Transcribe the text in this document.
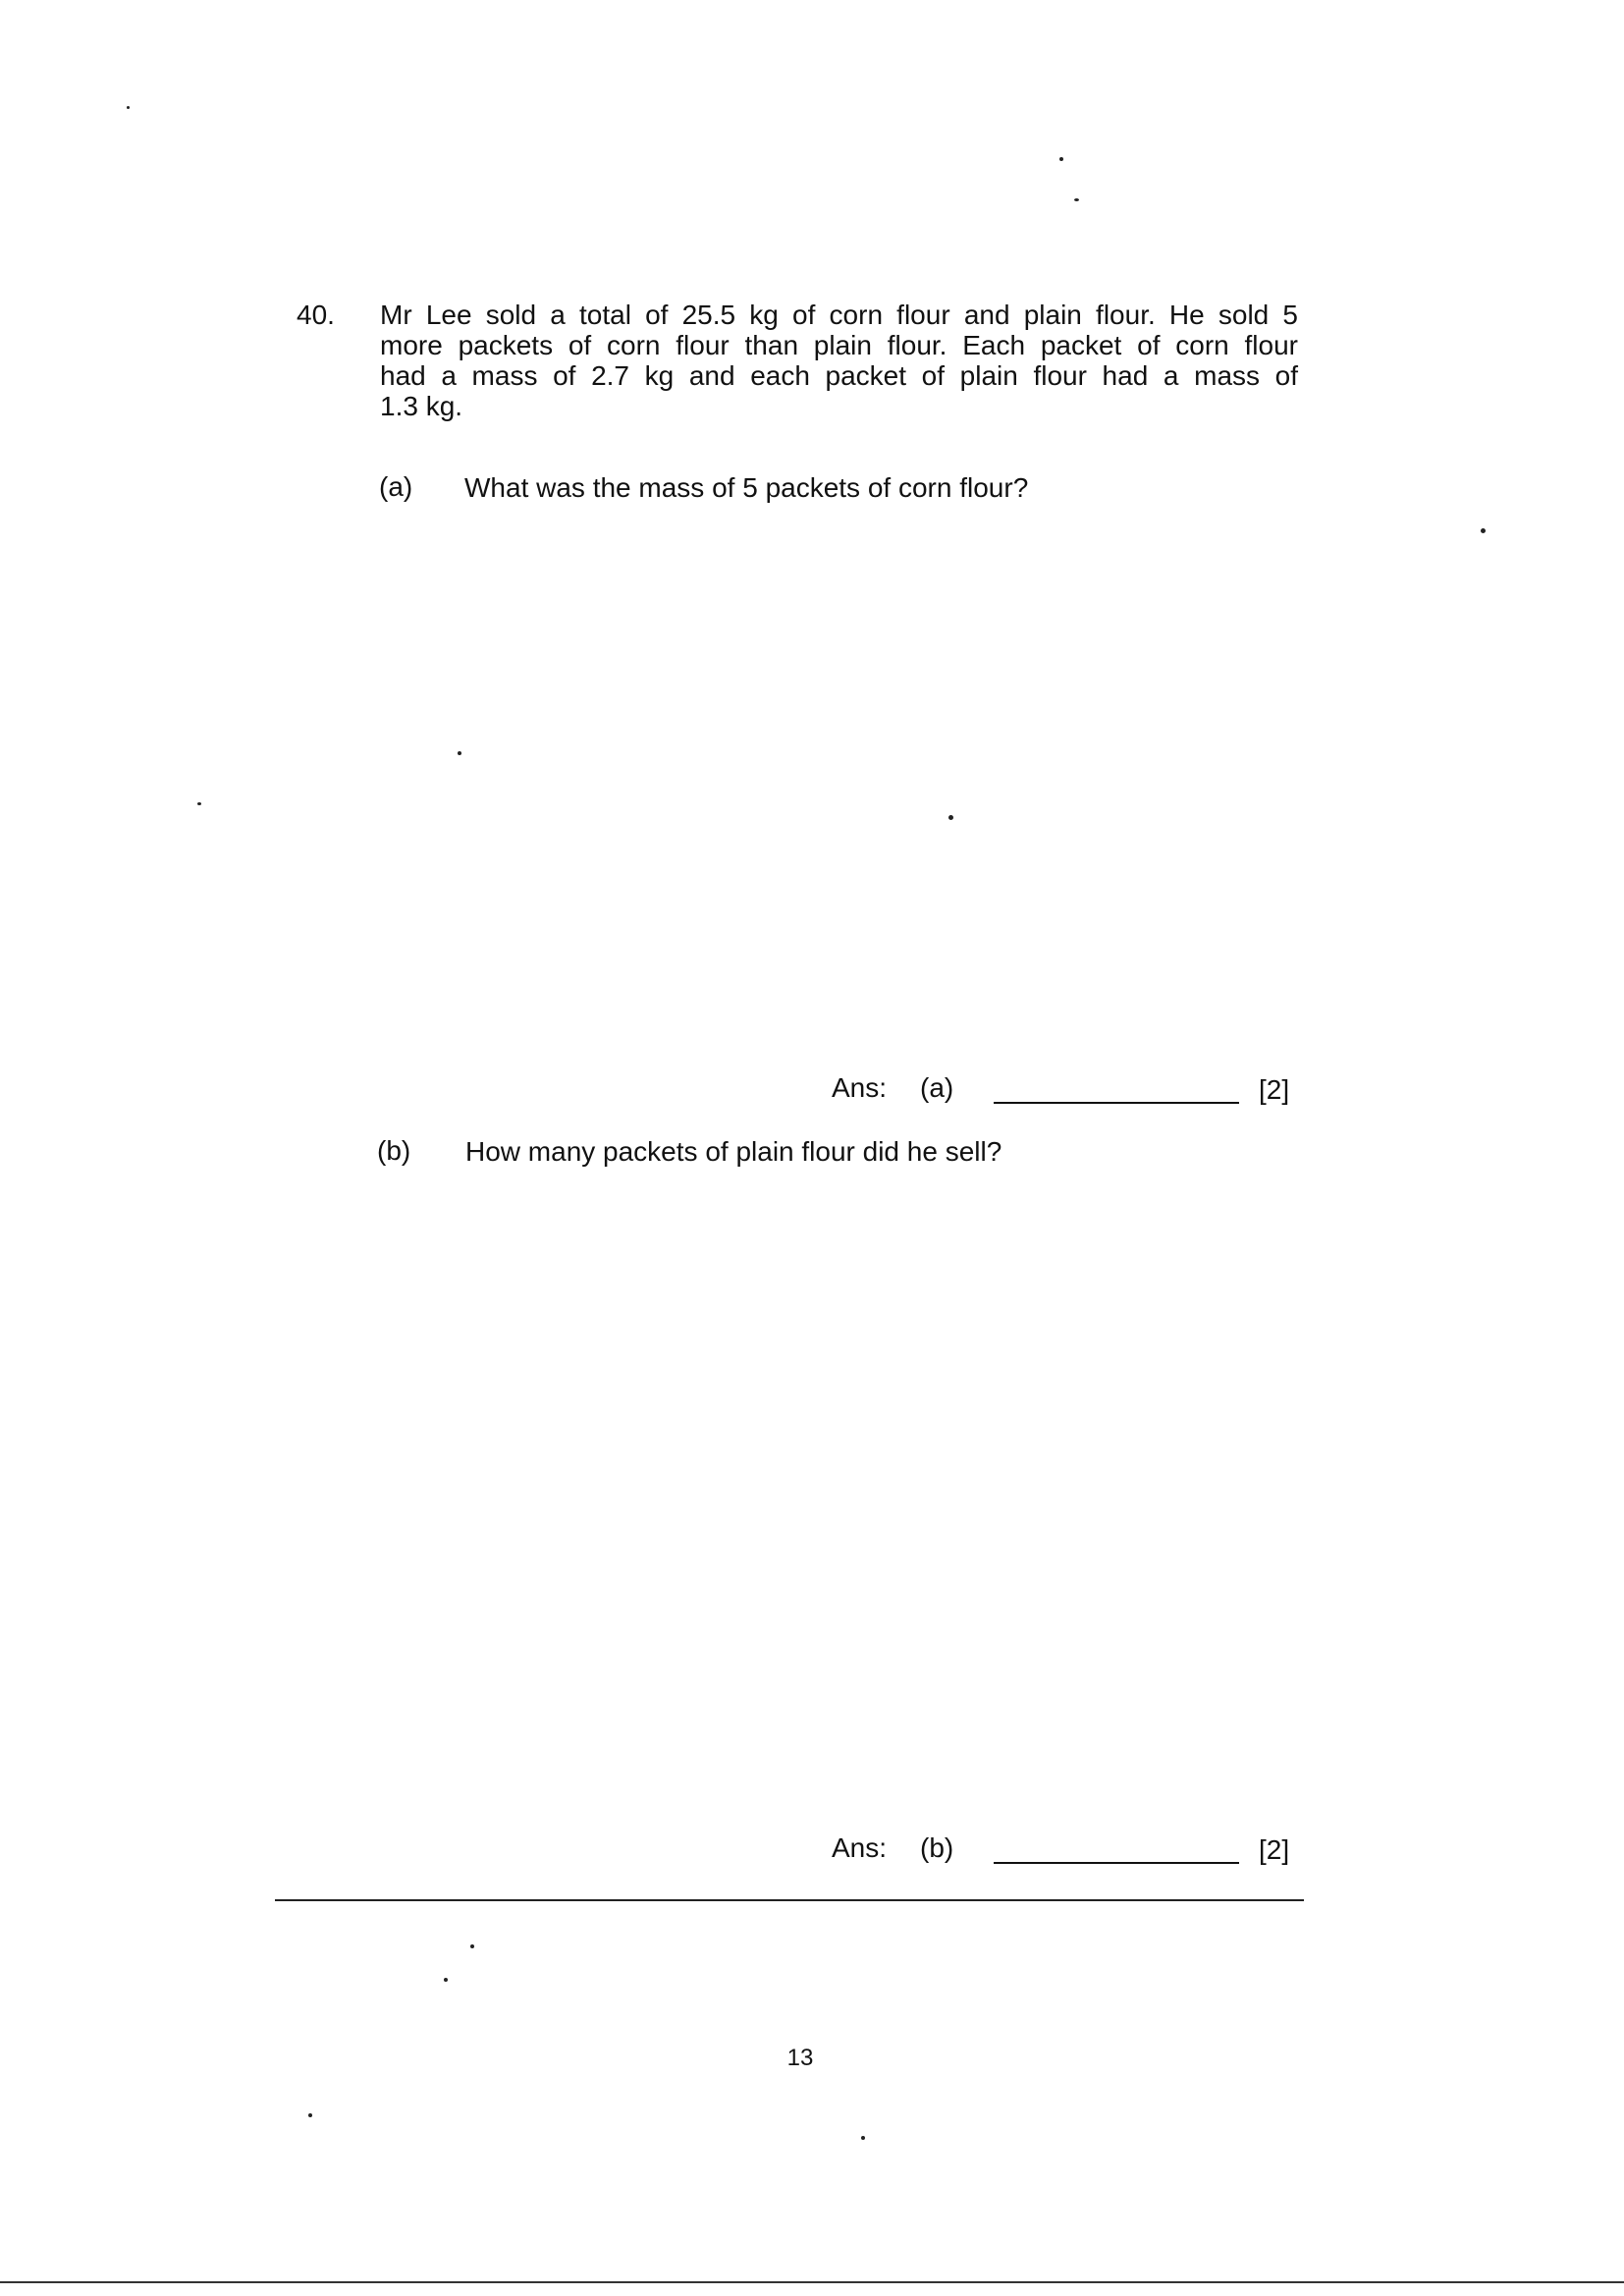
40. Mr Lee sold a total of 25.5 kg of corn flour and plain flour. He sold 5
more packets of corn flour than plain flour. Each packet of corn flour
had a mass of 2.7 kg and each packet of plain flour had a mass of
1.3 kg.
(a) What was the mass of 5 packets of corn flour?
Ans: (a)	[2]
(b) How many packets of plain flour did he sell?
Ans: (b)	[2]
13
